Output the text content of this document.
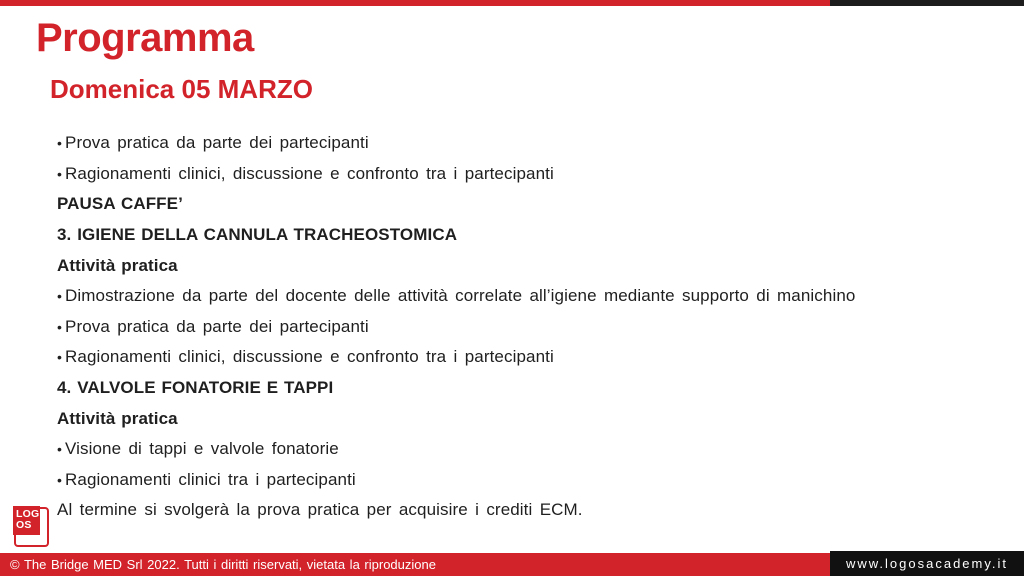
Programma
Domenica 05 MARZO
• Prova pratica da parte dei partecipanti
• Ragionamenti clinici, discussione e confronto tra i partecipanti
PAUSA CAFFE’
3. IGIENE DELLA CANNULA TRACHEOSTOMICA
Attività pratica
• Dimostrazione da parte del docente delle attività correlate all’igiene mediante supporto di manichino
• Prova pratica da parte dei partecipanti
• Ragionamenti clinici, discussione e confronto tra i partecipanti
4. VALVOLE FONATORIE E TAPPI
Attività pratica
• Visione di tappi e valvole fonatorie
• Ragionamenti clinici tra i partecipanti
Al termine si svolgerà la prova pratica per acquisire i crediti ECM.
LOG
OS
© The Bridge MED Srl 2022. Tutti i diritti riservati, vietata la riproduzione	www.logosacademy.it
